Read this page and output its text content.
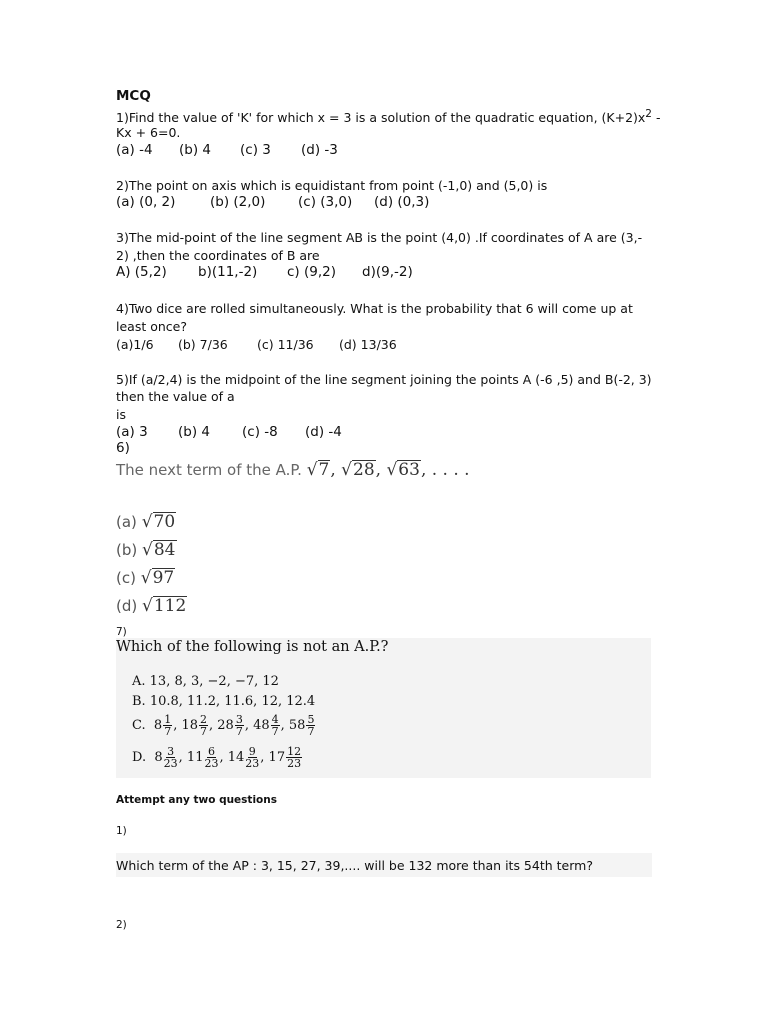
MCQ
1)Find the value of 'K' for which x = 3 is a solution of the quadratic equation, $(K+2)x^2$ -
Kx + 6=0.
(a) -4 (b) 4 (c) 3 (d) -3
2)The point on axis which is equidistant from point (-1,0) and (5,0) is
(a) (0, 2)	(b) (2,0) (c) (3,0) (d) (0,3)
3)The mid-point of the line segment AB is the point (4,0) .If coordinates of A are (3,-
2) ,then the coordinates of B are
A) (5,2) b)(11,-2) c) (9,2) d)(9,-2)
4)Two dice are rolled simultaneously. What is the probability that 6 will come up at
least once?
(a)1/6 (b) 7/36 (c) 11/36 (d) 13/36
5)If (a/2,4) is the midpoint of the line segment joining the points A (-6 ,5) and B(-2, 3)
then the value of a
is
(a) 3 (b) 4 (c) -8 (d) -4
6)
The next term of the A.P. √7, √28, √63, . . . .
(a) √70
(b) √84
(c) √97
(d) √112
7)
Which of the following is not an A.P.?
A. 13, 8, 3, −2, −7, 12
B. 10.8, 11.2, 11.6, 12, 12.4
C. $8 \frac{1}{7}$ , $18 \frac{2}{7}$ , $28 \frac{3}{7}$ , $48 \frac{4}{7}$ , $58 \frac{5}{7}$
D. $8 \frac{3}{23}$ , $11 \frac{6}{23}$ , $14 \frac{9}{23}$ , $17 \frac{12}{23}$
Attempt any two questions
1)
Which term of the AP : 3, 15, 27, 39,.... will be 132 more than its 54th term?
2)
